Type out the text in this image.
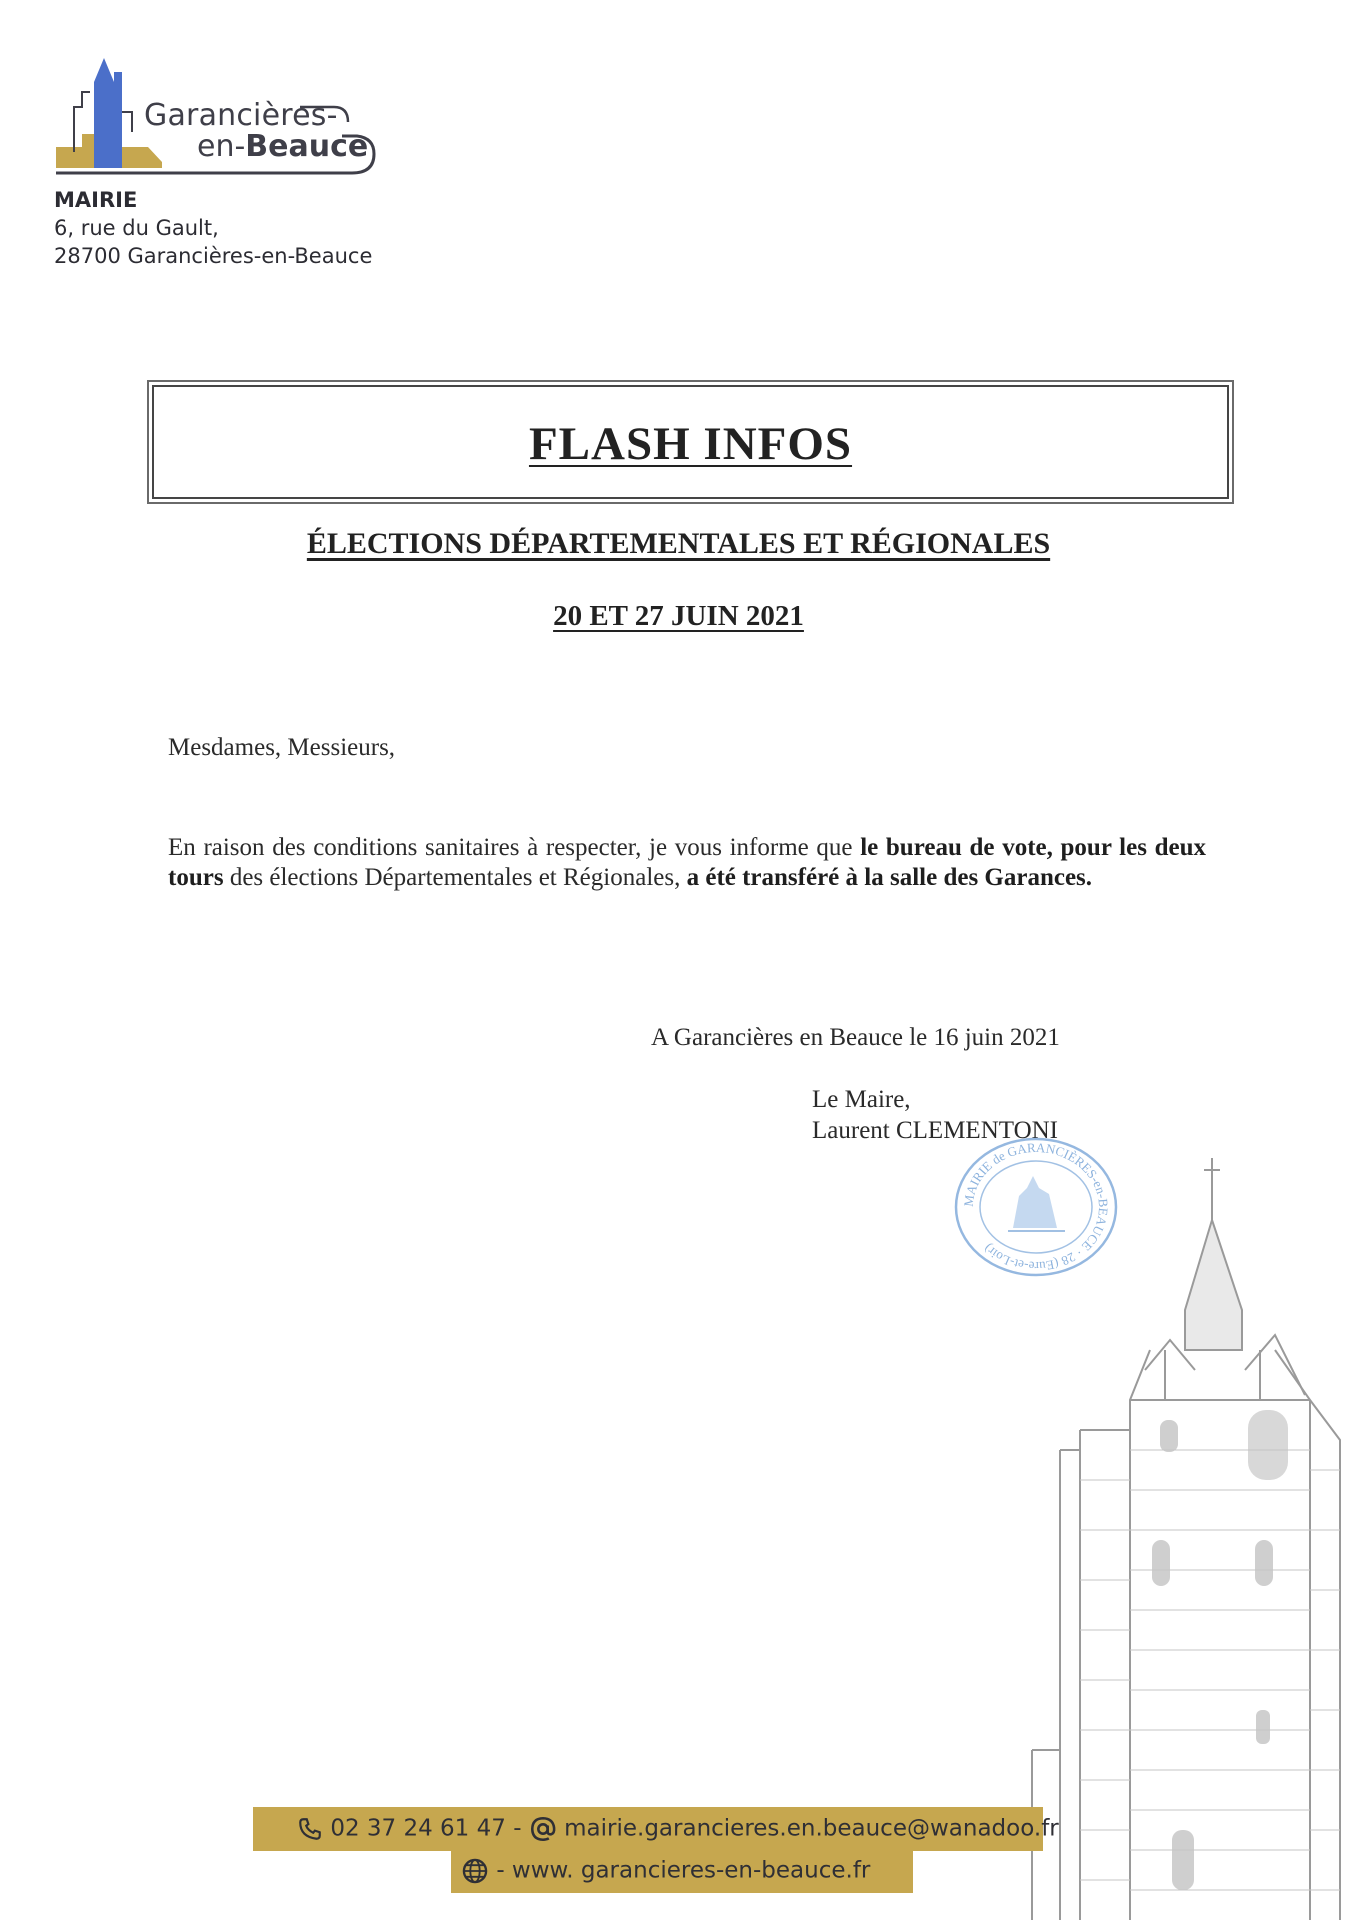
Garancières-
en-Beauce
MAIRIE
6, rue du Gault,
28700 Garancières-en-Beauce
FLASH INFOS
ÉLECTIONS DÉPARTEMENTALES ET RÉGIONALES
20 ET 27 JUIN 2021
Mesdames, Messieurs,
En raison des conditions sanitaires à respecter, je vous informe que le bureau de vote, pour les deux tours des élections Départementales et Régionales, a été transféré à la salle des Garances.
A Garancières en Beauce le 16 juin 2021
Le Maire,
Laurent CLEMENTONI
MAIRIE de GARANCIÈRES-en-BEAUCE · 28 (Eure-et-Loir)
02 37 24 61 47 - mairie.garancieres.en.beauce@wanadoo.fr
- www. garancieres-en-beauce.fr
